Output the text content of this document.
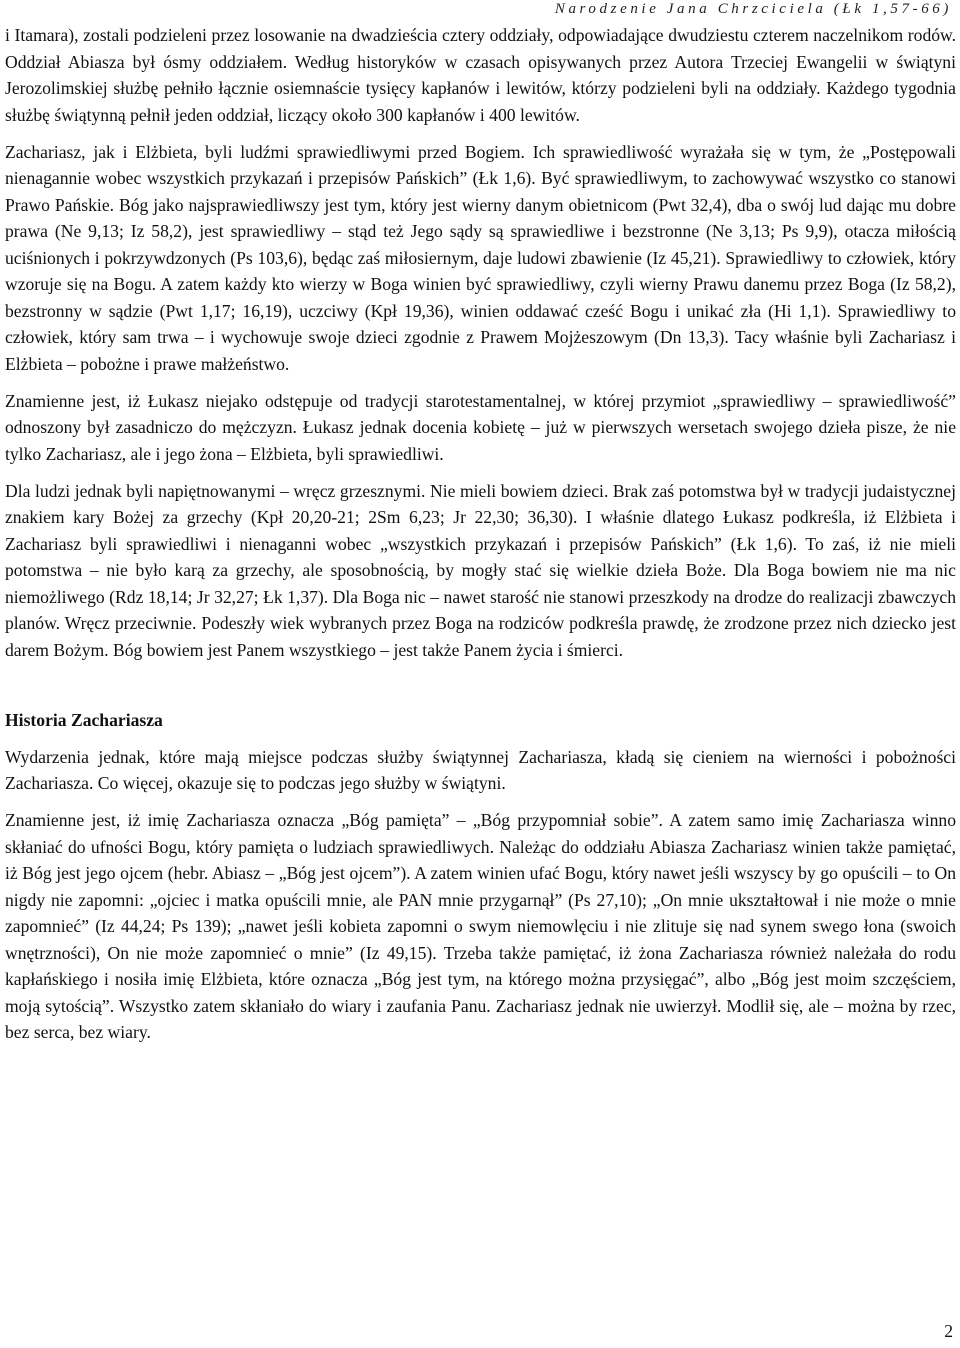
Narodzenie Jana Chrzciciela (Łk 1,57-66)

i Itamara), zostali podzieleni przez losowanie na dwadzieścia cztery oddziały, odpowiadające dwudziestu czterem naczelnikom rodów. Oddział Abiasza był ósmy oddziałem. Według historyków w czasach opisywanych przez Autora Trzeciej Ewangelii w świątyni Jerozolimskiej służbę pełniło łącznie osiemnaście tysięcy kapłanów i lewitów, którzy podzieleni byli na oddziały. Każdego tygodnia służbę świątynną pełnił jeden oddział, liczący około 300 kapłanów i 400 lewitów.

Zachariasz, jak i Elżbieta, byli ludźmi sprawiedliwymi przed Bogiem. Ich sprawiedliwość wyrażała się w tym, że „Postępowali nienagannie wobec wszystkich przykazań i przepisów Pańskich” (Łk 1,6). Być sprawiedliwym, to zachowywać wszystko co stanowi Prawo Pańskie. Bóg jako najsprawiedliwszy jest tym, który jest wierny danym obietnicom (Pwt 32,4), dba o swój lud dając mu dobre prawa (Ne 9,13; Iz 58,2), jest sprawiedliwy – stąd też Jego sądy są sprawiedliwe i bezstronne (Ne 3,13; Ps 9,9), otacza miłością uciśnionych i pokrzywdzonych (Ps 103,6), będąc zaś miłosiernym, daje ludowi zbawienie (Iz 45,21). Sprawiedliwy to człowiek, który wzoruje się na Bogu. A zatem każdy kto wierzy w Boga winien być sprawiedliwy, czyli wierny Prawu danemu przez Boga (Iz 58,2), bezstronny w sądzie (Pwt 1,17; 16,19), uczciwy (Kpł 19,36), winien oddawać cześć Bogu i unikać zła (Hi 1,1). Sprawiedliwy to człowiek, który sam trwa – i wychowuje swoje dzieci zgodnie z Prawem Mojżeszowym (Dn 13,3). Tacy właśnie byli Zachariasz i Elżbieta – pobożne i prawe małżeństwo.

Znamienne jest, iż Łukasz niejako odstępuje od tradycji starotestamentalnej, w której przymiot „sprawiedliwy – sprawiedliwość” odnoszony był zasadniczo do mężczyzn. Łukasz jednak docenia kobietę – już w pierwszych wersetach swojego dzieła pisze, że nie tylko Zachariasz, ale i jego żona – Elżbieta, byli sprawiedliwi.

Dla ludzi jednak byli napiętnowanymi – wręcz grzesznymi. Nie mieli bowiem dzieci. Brak zaś potomstwa był w tradycji judaistycznej znakiem kary Bożej za grzechy (Kpł 20,20-21; 2Sm 6,23; Jr 22,30; 36,30). I właśnie dlatego Łukasz podkreśla, iż Elżbieta i Zachariasz byli sprawiedliwi i nienaganni wobec „wszystkich przykazań i przepisów Pańskich” (Łk 1,6). To zaś, iż nie mieli potomstwa – nie było karą za grzechy, ale sposobnością, by mogły stać się wielkie dzieła Boże. Dla Boga bowiem nie ma nic niemożliwego (Rdz 18,14; Jr 32,27; Łk 1,37). Dla Boga nic – nawet starość nie stanowi przeszkody na drodze do realizacji zbawczych planów. Wręcz przeciwnie. Podeszły wiek wybranych przez Boga na rodziców podkreśla prawdę, że zrodzone przez nich dziecko jest darem Bożym. Bóg bowiem jest Panem wszystkiego – jest także Panem życia i śmierci.

Historia Zachariasza

Wydarzenia jednak, które mają miejsce podczas służby świątynnej Zachariasza, kładą się cieniem na wierności i pobożności Zachariasza. Co więcej, okazuje się to podczas jego służby w świątyni.

Znamienne jest, iż imię Zachariasza oznacza „Bóg pamięta” – „Bóg przypomniał sobie”. A zatem samo imię Zachariasza winno skłaniać do ufności Bogu, który pamięta o ludziach sprawiedliwych. Należąc do oddziału Abiasza Zachariasz winien także pamiętać, iż Bóg jest jego ojcem (hebr. Abiasz – „Bóg jest ojcem”). A zatem winien ufać Bogu, który nawet jeśli wszyscy by go opuścili – to On nigdy nie zapomni: „ojciec i matka opuścili mnie, ale PAN mnie przygarnął” (Ps 27,10); „On mnie ukształtował i nie może o mnie zapomnieć” (Iz 44,24; Ps 139); „nawet jeśli kobieta zapomni o swym niemowlęciu i nie zlituje się nad synem swego łona (swoich wnętrzności), On nie może zapomnieć o mnie” (Iz 49,15). Trzeba także pamiętać, iż żona Zachariasza również należała do rodu kapłańskiego i nosiła imię Elżbieta, które oznacza „Bóg jest tym, na którego można przysięgać”, albo „Bóg jest moim szczęściem, moją sytością”. Wszystko zatem skłaniało do wiary i zaufania Panu. Zachariasz jednak nie uwierzył. Modlił się, ale – można by rzec, bez serca, bez wiary.

2
